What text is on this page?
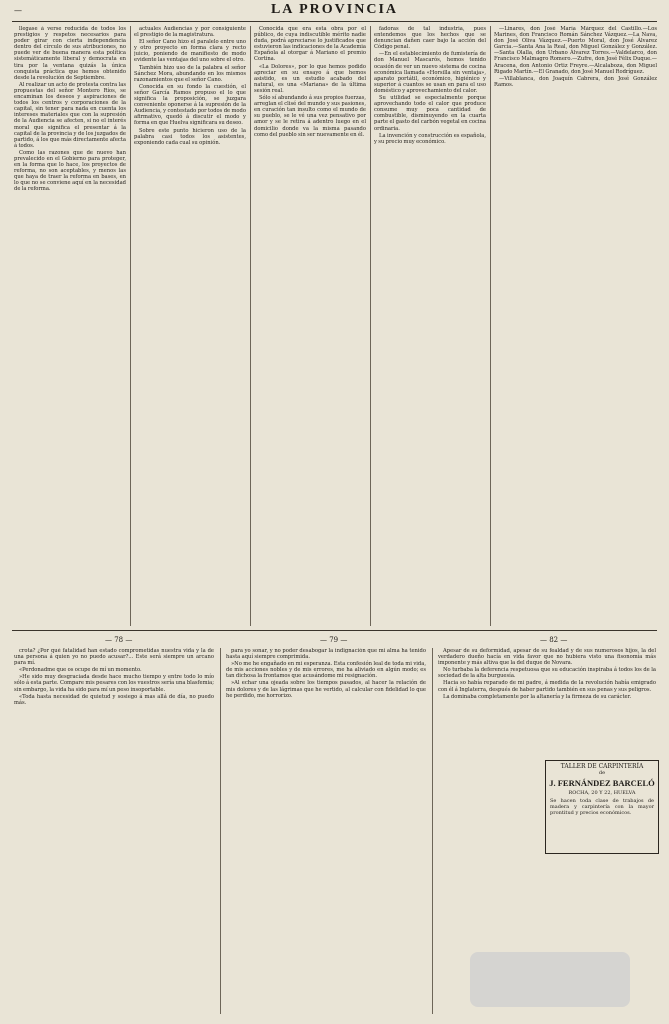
—	LA PROVINCIA

llegase á verse reducida de todos los prestigios y respetos necesarios para poder girar con cierta independencia dentro del círculo de sus atribuciones, no puede ver de buena manera esta política sistemáticamente liberal y democrata en tira por la ventana quizás la única conquista práctica que hemos obtenido desde la revolución de Septiembre.

Al realizar un acto de protesta contra las propuestas del señor Montero Ríos, se encaminan los deseos y aspiraciones de todos los centros y corporaciones de la capital, sin tener para nada en cuenta los intereses materiales que con la supresión de la Audiencia se afecten, si no el interés moral que significa el presentar á la capital de la provincia y de los juzgados de partido, á los que más directamente afecta á todos.

Como las razones que de nuevo han prevalecido en el Gobierno para proteger, en la forma que lo hace, los proyectos de reforma, no son aceptables, y menos las que haya de traer la reforma en bases, en lo que no se conviene aquí en la necesidad de la reforma.

actuales Audiencias y por consiguiente el prestigio de la magistratura.

El señor Cano hizo el paralelo entre uno y otro proyecto en forma clara y recto juicio, poniendo de manifiesto de modo evidente las ventajas del uno sobre el otro.

También hizo uso de la palabra el señor Sánchez Mora, abundando en los mismos razonamientos que el señor Cano.

Conocida en su fondo la cuestión, el señor García Ramos propuso el lo que significa la proposición, se juzgara conveniente oponerse á la supresión de la Audiencia, y contestado por todos de modo afirmativo, quedó á discutir el modo y forma en que Huelva significara su deseo.

Sobre este punto hicieron uso de la palabra casi todos los asistentes, exponiendo cada cual su opinión.

Conocida que era esta obra por el público, de cuya indiscutible mérito nadie duda, podrá apreciarse lo justificados que estuvieron las indicaciones de la Academia Española al otorgar á Mariano el premio Cortina.

«La Dolores», por lo que hemos podido apreciar en su ensayo á que hemos asistido, es un estudio acabado del natural, es una «Mariana» de la última sesión real.

Sólo sí abundando á sus propios fuerzas, arreglan el clisé del mundo y sus pasiones, en curación tan insulto como el mundo de su pueblo, se le vé una vez pensativo por amor y se le retira á adentro luego en el domicilio donde va la misma pasando como del pueblo sin ser nuevamente en él.

fadoras de tal industria, pues entendemos que los hechos que se denuncian dañen caer bajo la acción del Código penal.

—En el establecimiento de fumistería de don Manuel Mascarós, hemos tenido ocasión de ver un nuevo sistema de cocina económica llamada «Horsilla sin ventaja», aparato portátil, económico, higiénico y superior á cuantos se usan en para el uso doméstico y aprovechamiento del calor.

Su utilidad se especialmente porque aprovechando todo el calor que produce consume muy poca cantidad de combustible, disminuyendo en la cuarta parte el gasto del carbón vegetal en cocina ordinaria.

La invención y construcción es española, y su precio muy económico.

—Linares, don José María Márquez del Castillo.—Los Marines, don Francisco Román Sánchez Vázquez.—La Nava, don José Oliva Vázquez.—Puerto Moral, don José Álvarez García.—Santa Ana la Real, don Miguel González y González.—Santa Olalla, don Urbano Álvarez Torres.—Valdelarco, don Francisco Malmagro Romero.—Zufre, don José Félix Duque.—Aracena, don Antonio Ortiz Freyre.—Alcalaboza, don Miguel Rigado Martín.—El Granado, don José Manuel Rodríguez.

—Villablanca, don Joaquín Cabrera, don José González Ramos.

— 78 —	— 79 —	— 82 —

crota? ¿Por qué fatalidad han estado comprometidas nuestra vida y la de una persona á quien yo no puedo acusar?... Este será siempre un arcano para mí.

«Perdonadme que os ocupe de mí un momento.

»He sido muy desgraciada desde hace mucho tiempo y entre todo lo mío sólo á esta parte. Compare mis pesares con los vuestros sería una blasfemia; sin embargo, la vida ha sido para mí un peso insoportable.

«Toda hasta necesidad de quietud y sosiego á mas allá de día, no puedo más.

para yo sonar, y no poder desabogar la indignación que mi alma ha tenido hasta aquí siempre comprimida.

»No me he engañado en mi esperanza. Esta confesión leal de toda mi vida, de mis acciones nobles y de mis errores, me ha aliviado en algún modo; es tan dichosa la frontamos que acusándome mi resignación.

»Al echar una ojeada sobre los tiempos pasados, al hacer la relación de mis dolores y de las lágrimas que he vertido, al calcular con fidelidad lo que he perdido, me horrorizo.

Apesar de su deformidad, apesar de su fealdad y de sus numerosos hijos, la del verdadero dueño hacía en vida favor que no hubiera visto una fisonomía más imponente y más altiva que la del duque de Novara.

No turbaba la deferencia respetuosa que su educación inspiraba á todos los de la sociedad de la alta burguesía.

Hacia so había reparado de mi padre, á medida de la revolución había emigrado con él á Inglaterra, después de haber partido también en sus penas y sus peligros.

La dominaba completamente por la altanería y la firmeza de su carácter.

TALLER DE CARPINTERÍA
de
J. FERNÁNDEZ BARCELÓ
ROCHA, 20 Y 22, HUELVA
Se hacen toda clase de trabajos de madera y carpintería con la mayor prontitud y precios económicos.
